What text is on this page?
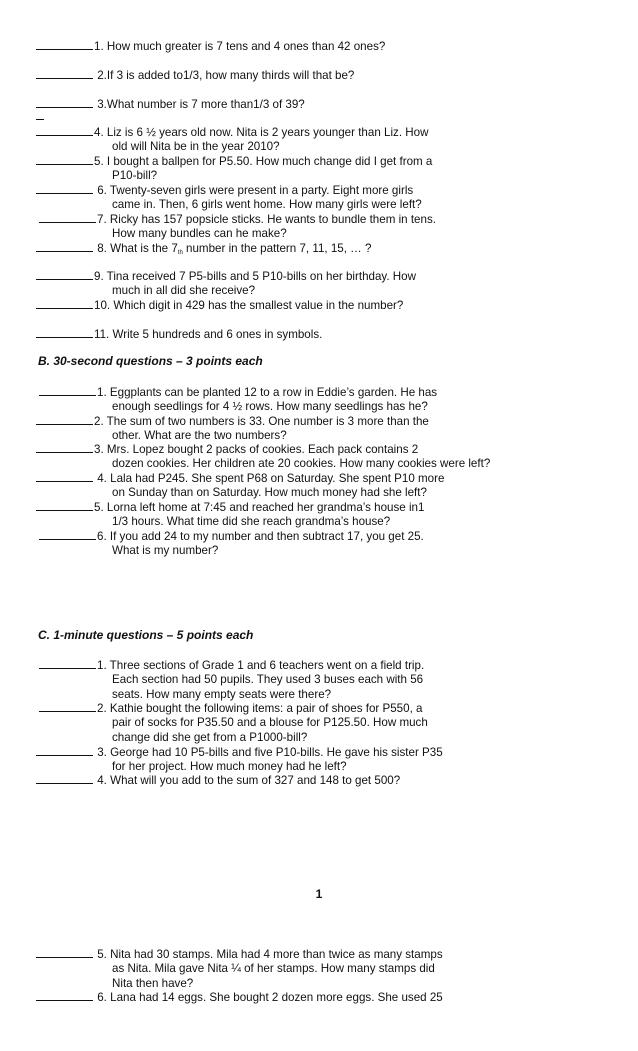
1. How much greater is 7 tens and 4 ones than 42 ones?
2.If 3 is added to1/3, how many thirds will that be?
3.What number is 7 more than1/3 of 39?
4. Liz is 6 ½ years old now. Nita is 2 years younger than Liz. How
old will Nita be in the year 2010?
5. I bought a ballpen for P5.50. How much change did I get from a
P10-bill?
6. Twenty-seven girls were present in a party. Eight more girls
came in. Then, 6 girls went home. How many girls were left?
7. Ricky has 157 popsicle sticks. He wants to bundle them in tens.
How many bundles can he make?
8. What is the $7_{th}$ number in the pattern 7, 11, 15, … ?
9. Tina received 7 P5-bills and 5 P10-bills on her birthday. How
much in all did she receive?
10. Which digit in 429 has the smallest value in the number?
11. Write 5 hundreds and 6 ones in symbols.
B. 30-second questions – 3 points each
1. Eggplants can be planted 12 to a row in Eddie’s garden. He has
enough seedlings for 4 ½ rows. How many seedlings has he?
2. The sum of two numbers is 33. One number is 3 more than the
other. What are the two numbers?
3. Mrs. Lopez bought 2 packs of cookies. Each pack contains 2
dozen cookies. Her children ate 20 cookies. How many cookies were left?
4. Lala had P245. She spent P68 on Saturday. She spent P10 more
on Sunday than on Saturday. How much money had she left?
5. Lorna left home at 7:45 and reached her grandma’s house in1
1/3 hours. What time did she reach grandma’s house?
6. If you add 24 to my number and then subtract 17, you get 25.
What is my number?
C. 1-minute questions – 5 points each
1. Three sections of Grade 1 and 6 teachers went on a field trip.
Each section had 50 pupils. They used 3 buses each with 56
seats. How many empty seats were there?
2. Kathie bought the following items: a pair of shoes for P550, a
pair of socks for P35.50 and a blouse for P125.50. How much
change did she get from a P1000-bill?
3. George had 10 P5-bills and five P10-bills. He gave his sister P35
for her project. How much money had he left?
4. What will you add to the sum of 327 and 148 to get 500?
1
5. Nita had 30 stamps. Mila had 4 more than twice as many stamps
as Nita. Mila gave Nita ¼ of her stamps. How many stamps did
Nita then have?
6. Lana had 14 eggs. She bought 2 dozen more eggs. She used 25
